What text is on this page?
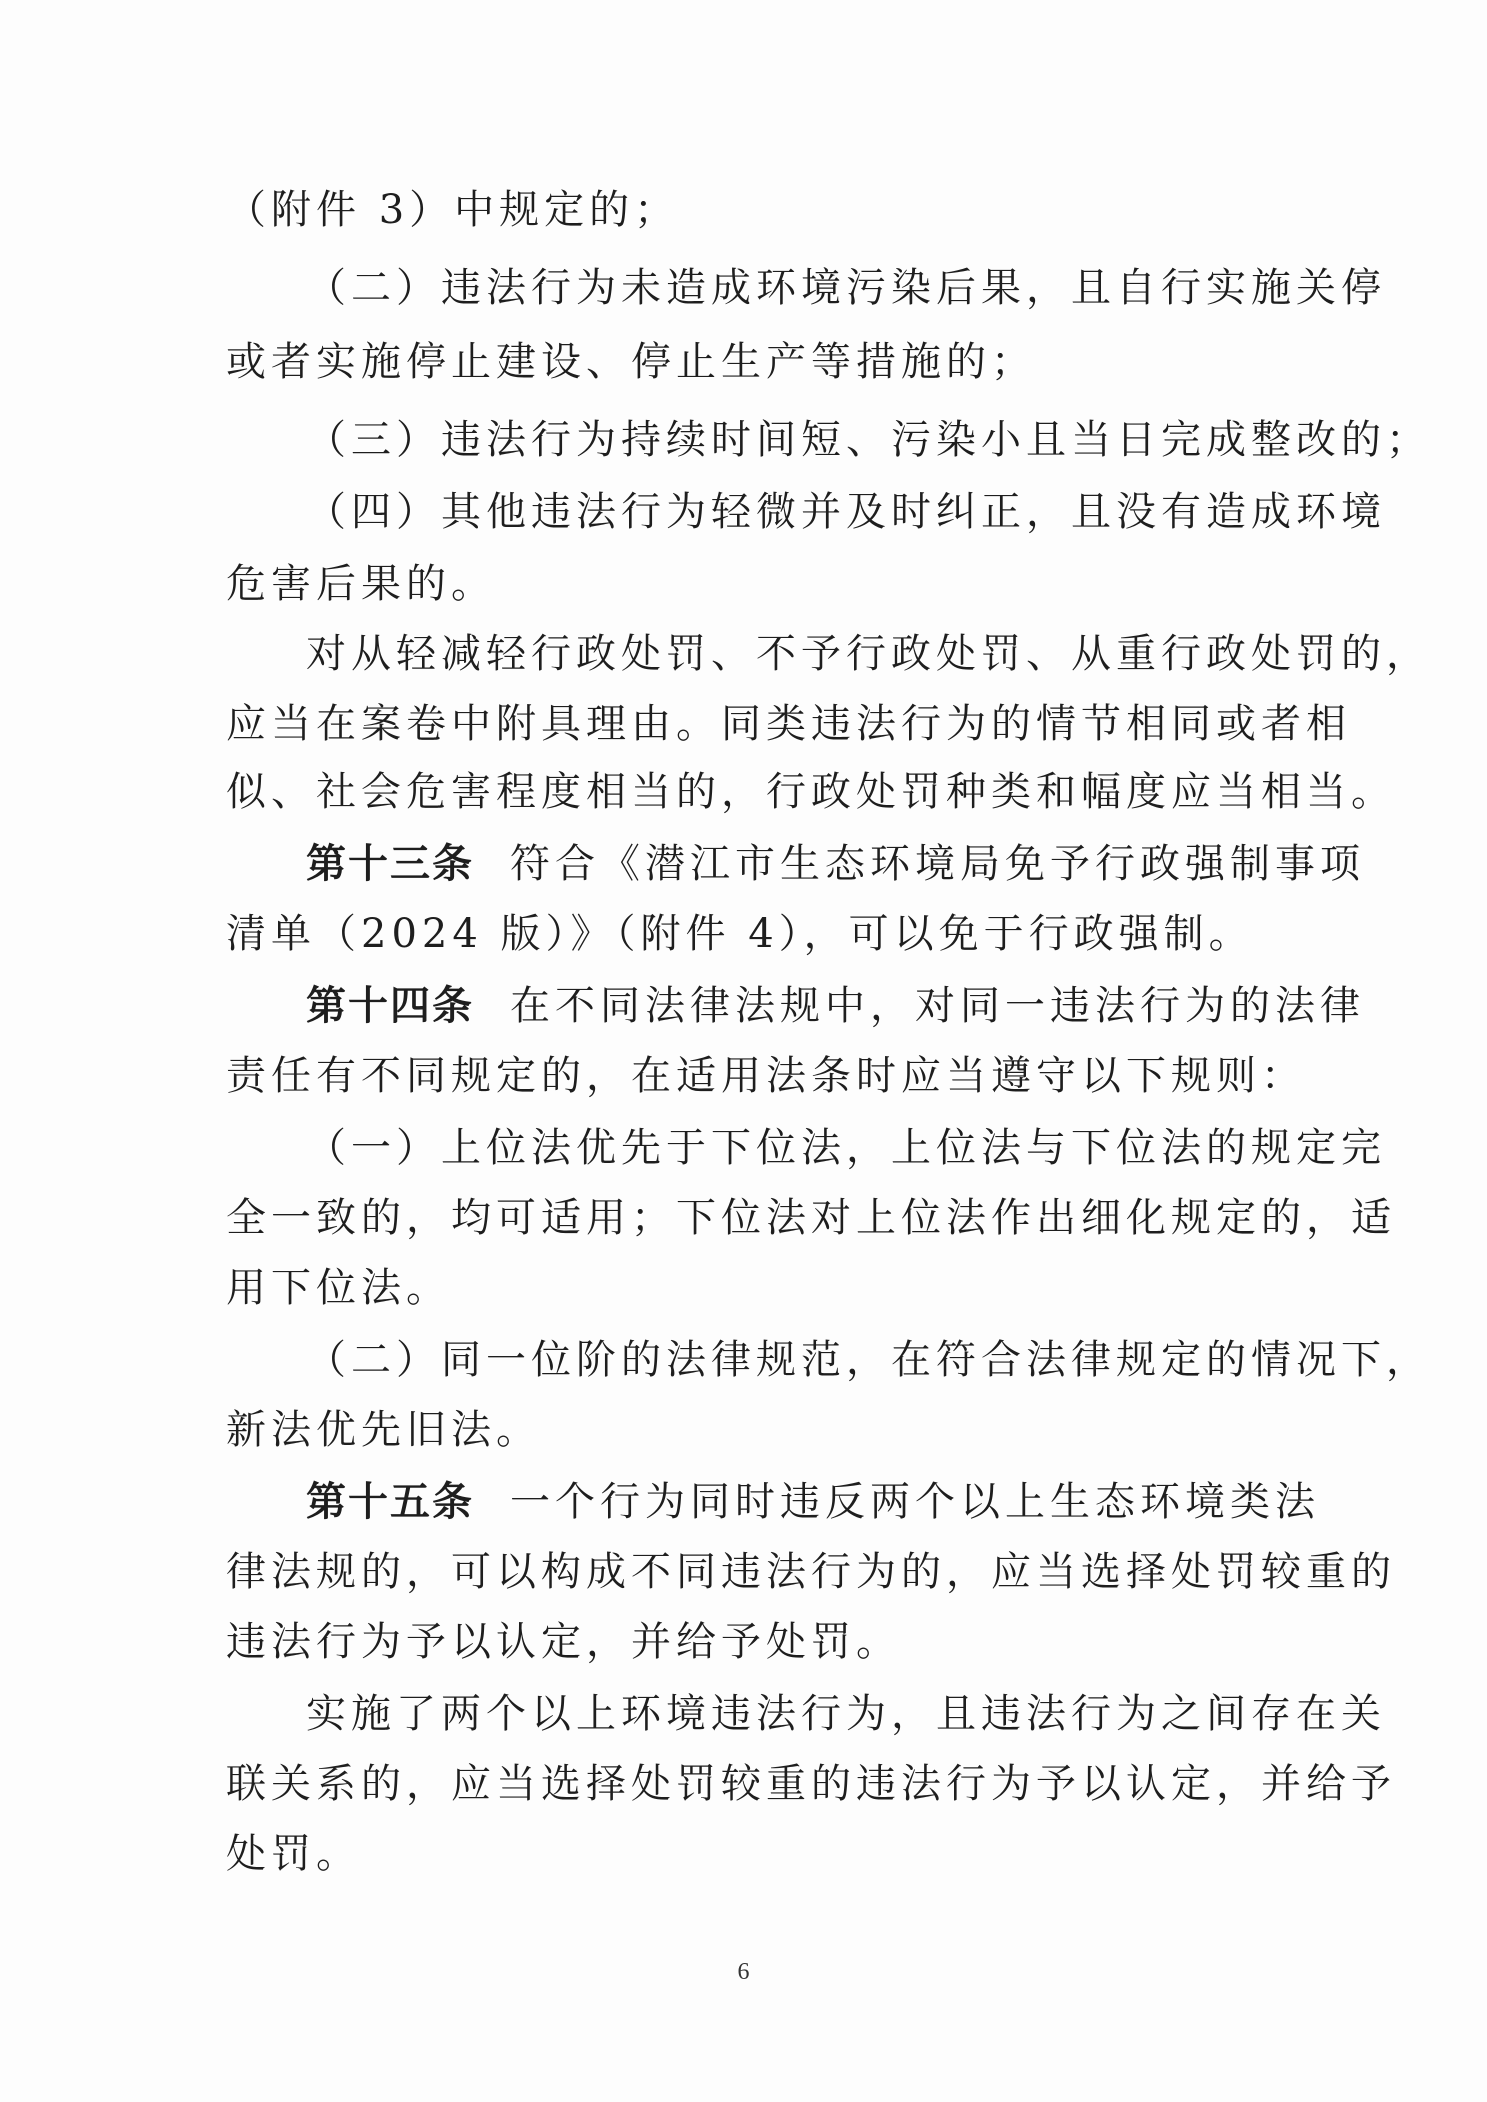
（附件 3）中规定的；
（二）违法行为未造成环境污染后果，且自行实施关停
或者实施停止建设、停止生产等措施的；
（三）违法行为持续时间短、污染小且当日完成整改的；
（四）其他违法行为轻微并及时纠正，且没有造成环境
危害后果的。
对从轻减轻行政处罚、不予行政处罚、从重行政处罚的，
应当在案卷中附具理由。同类违法行为的情节相同或者相
似、社会危害程度相当的，行政处罚种类和幅度应当相当。
第十三条 符合《潜江市生态环境局免予行政强制事项
清单（2024 版）》（附件 4），可以免于行政强制。
第十四条 在不同法律法规中，对同一违法行为的法律
责任有不同规定的，在适用法条时应当遵守以下规则：
（一）上位法优先于下位法，上位法与下位法的规定完
全一致的，均可适用；下位法对上位法作出细化规定的，适
用下位法。
（二）同一位阶的法律规范，在符合法律规定的情况下，
新法优先旧法。
第十五条 一个行为同时违反两个以上生态环境类法
律法规的，可以构成不同违法行为的，应当选择处罚较重的
违法行为予以认定，并给予处罚。
实施了两个以上环境违法行为，且违法行为之间存在关
联关系的，应当选择处罚较重的违法行为予以认定，并给予
处罚。
6
